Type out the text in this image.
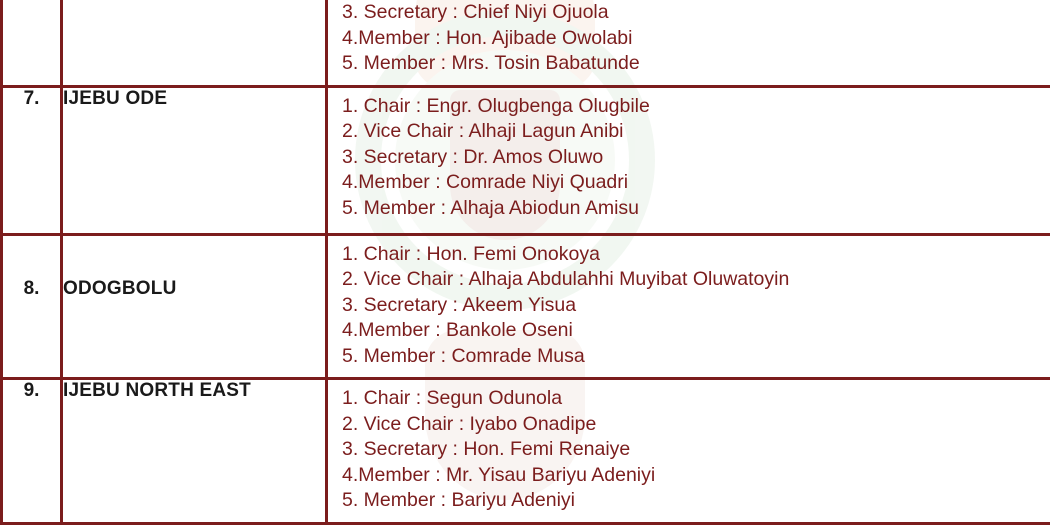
		3. Secretary : Chief Niyi Ojuola
4.Member : Hon. Ajibade Owolabi
5. Member : Mrs. Tosin Babatunde

7.	IJEBU ODE	1. Chair : Engr. Olugbenga Olugbile
2. Vice Chair : Alhaji Lagun Anibi
3. Secretary : Dr. Amos Oluwo
4.Member : Comrade Niyi Quadri
5. Member : Alhaja Abiodun Amisu

8.	ODOGBOLU	1. Chair : Hon. Femi Onokoya
2. Vice Chair : Alhaja Abdulahhi Muyibat Oluwatoyin
3. Secretary : Akeem Yisua
4.Member : Bankole Oseni
5. Member : Comrade Musa

9.	IJEBU NORTH EAST	1. Chair : Segun Odunola
2. Vice Chair : Iyabo Onadipe
3. Secretary : Hon. Femi Renaiye
4.Member : Mr. Yisau Bariyu Adeniyi
5. Member : Bariyu Adeniyi
